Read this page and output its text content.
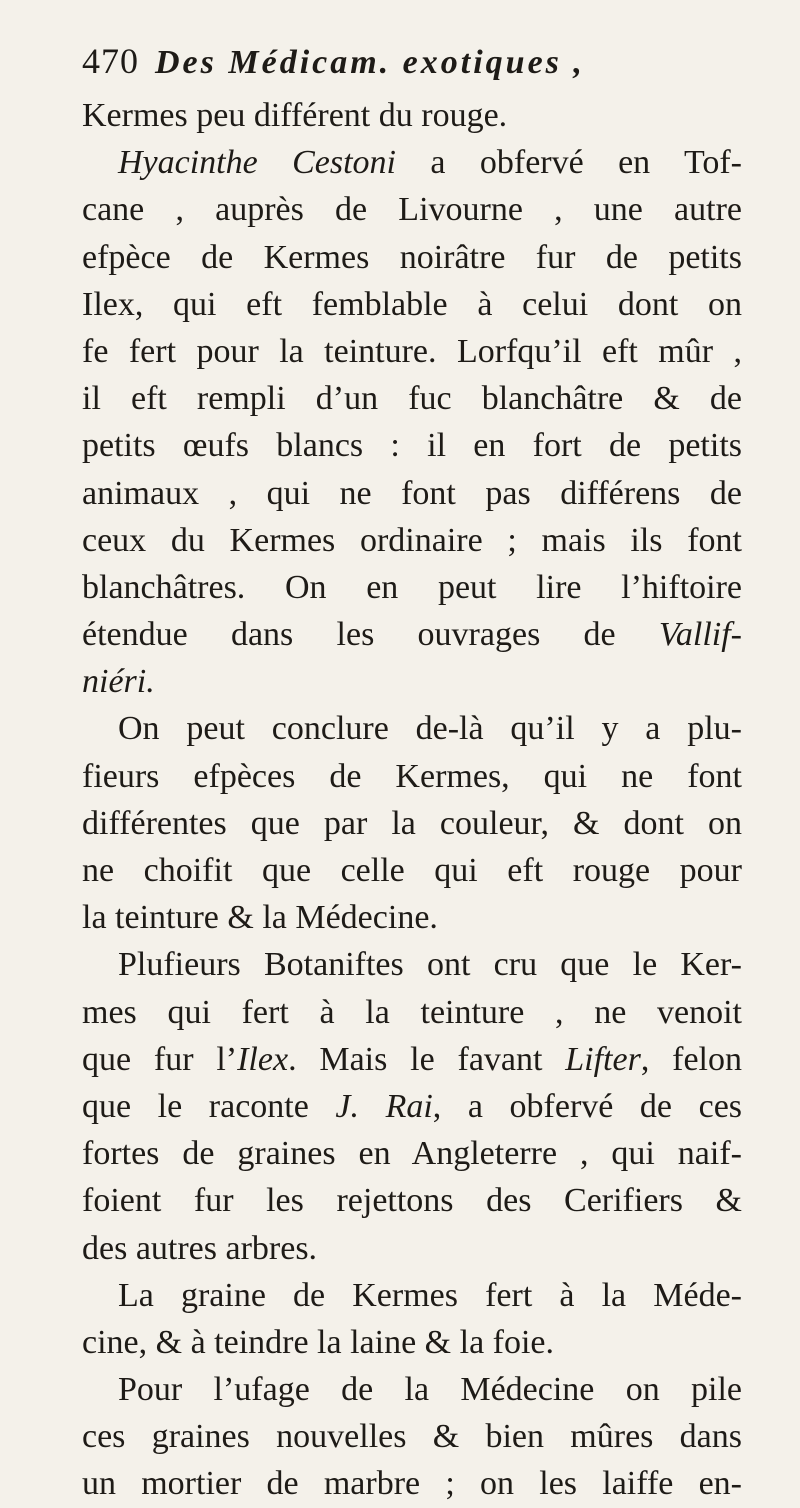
470 Des Médicam. exotiques ,
Kermes peu différent du rouge.
Hyacinthe Cestoni a obfervé en Tof-
cane , auprès de Livourne , une autre
efpèce de Kermes noirâtre fur de petits
Ilex, qui eft femblable à celui dont on
fe fert pour la teinture. Lorfqu’il eft mûr ,
il eft rempli d’un fuc blanchâtre & de
petits œufs blancs : il en fort de petits
animaux , qui ne font pas différens de
ceux du Kermes ordinaire ; mais ils font
blanchâtres. On en peut lire l’hiftoire
étendue dans les ouvrages de Vallif-
niéri.
On peut conclure de-là qu’il y a plu-
fieurs efpèces de Kermes, qui ne font
différentes que par la couleur, & dont on
ne choifit que celle qui eft rouge pour
la teinture & la Médecine.
Plufieurs Botaniftes ont cru que le Ker-
mes qui fert à la teinture , ne venoit
que fur l’Ilex. Mais le favant Lifter, felon
que le raconte J. Rai, a obfervé de ces
fortes de graines en Angleterre , qui naif-
foient fur les rejettons des Cerifiers &
des autres arbres.
La graine de Kermes fert à la Méde-
cine, & à teindre la laine & la foie.
Pour l’ufage de la Médecine on pile
ces graines nouvelles & bien mûres dans
un mortier de marbre ; on les laiffe en-
